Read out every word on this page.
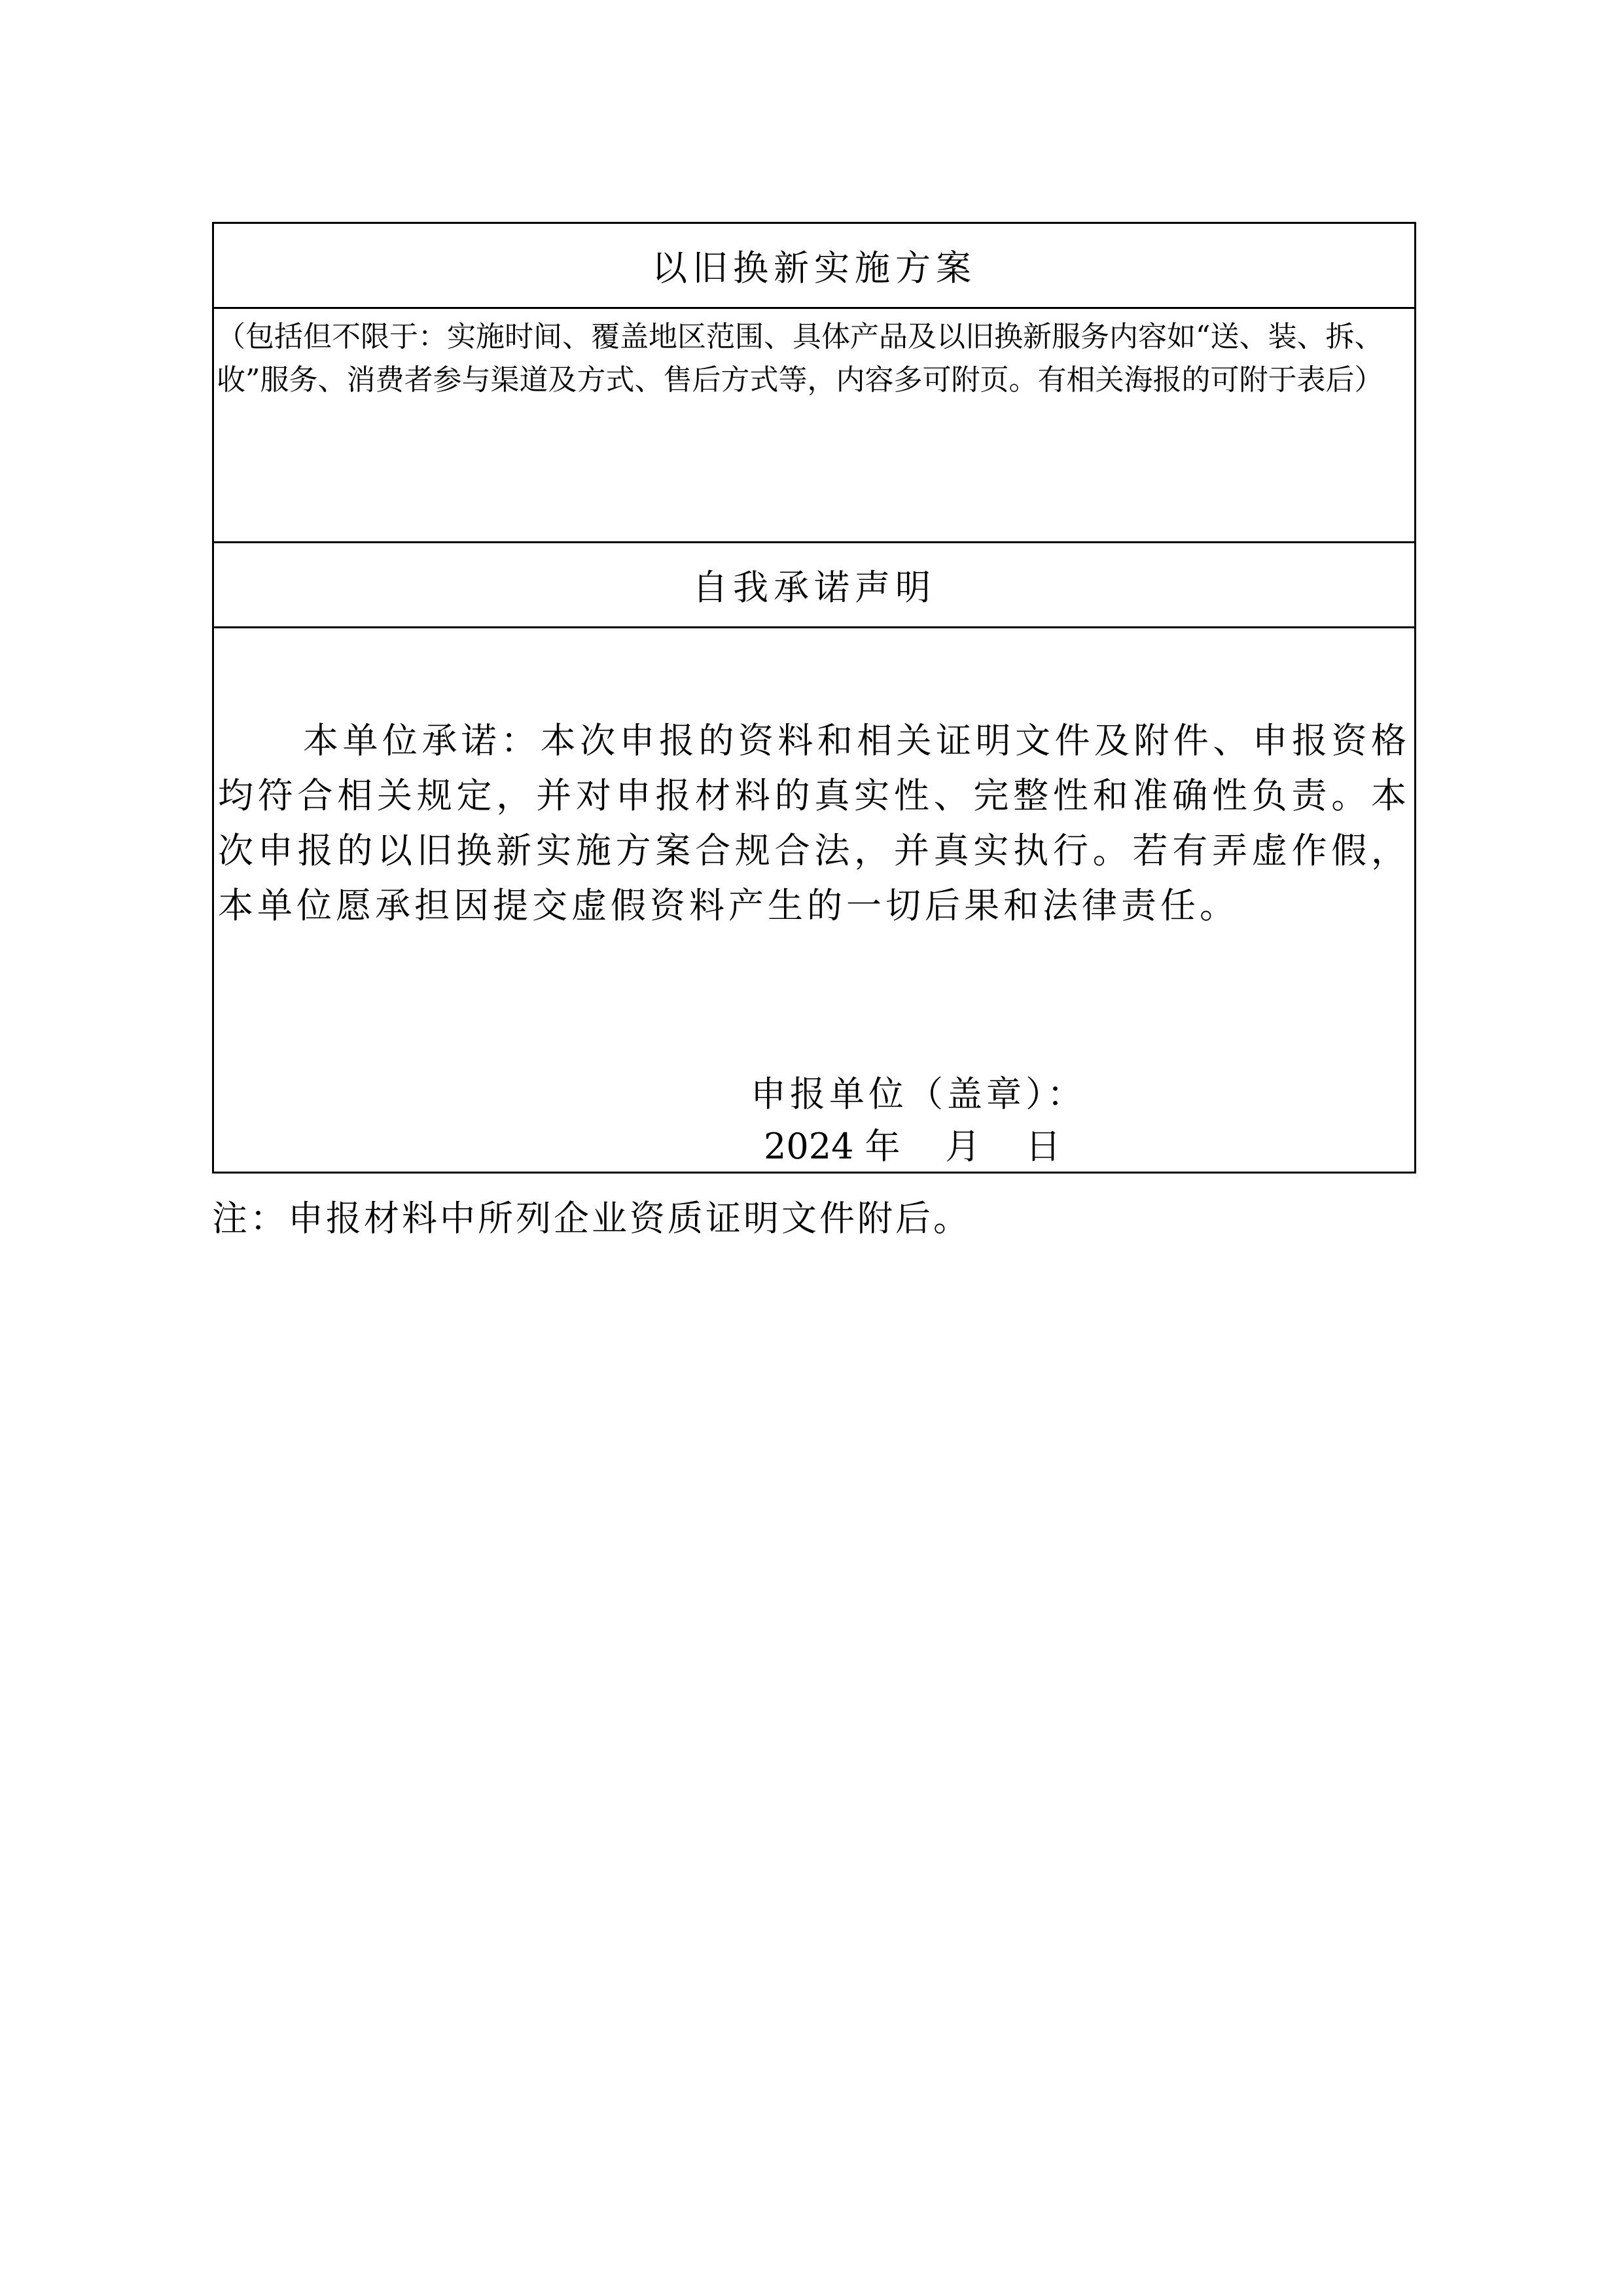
以旧换新实施方案
（包括但不限于：实施时间、覆盖地区范围、具体产品及以旧换新服务内容如“送、装、拆、收”服务、消费者参与渠道及方式、售后方式等，内容多可附页。有相关海报的可附于表后）
自我承诺声明

本单位承诺：本次申报的资料和相关证明文件及附件、申报资格均符合相关规定，并对申报材料的真实性、完整性和准确性负责。本次申报的以旧换新实施方案合规合法，并真实执行。若有弄虚作假，本单位愿承担因提交虚假资料产生的一切后果和法律责任。

申报单位（盖章）：
2024 年    月    日
注：申报材料中所列企业资质证明文件附后。
